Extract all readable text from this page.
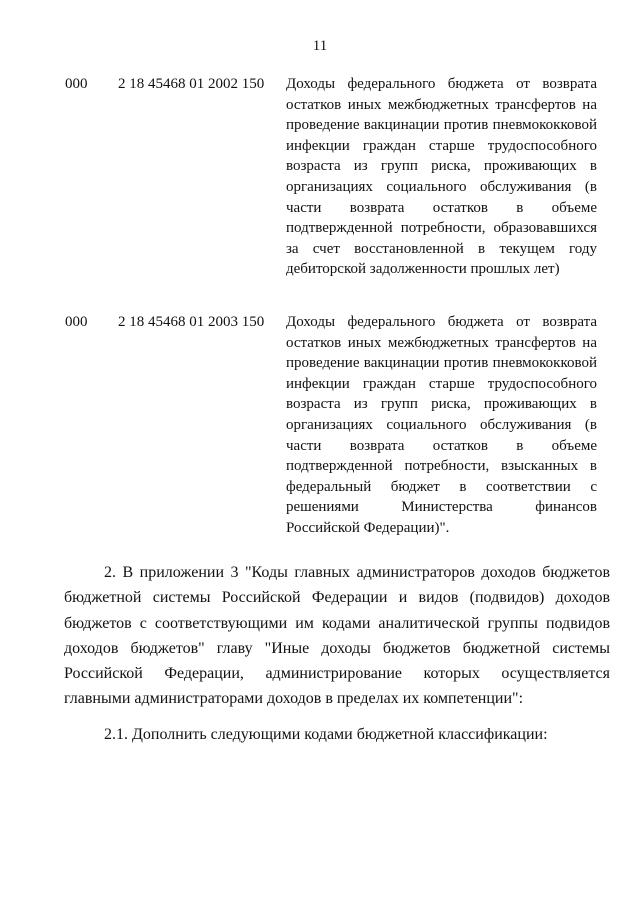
11
000 2 18 45468 01 2002 150 Доходы федерального бюджета от возврата остатков иных межбюджетных трансфертов на проведение вакцинации против пневмококковой инфекции граждан старше трудоспособного возраста из групп риска, проживающих в организациях социального обслуживания (в части возврата остатков в объеме подтвержденной потребности, образовавшихся за счет восстановленной в текущем году дебиторской задолженности прошлых лет)
000 2 18 45468 01 2003 150 Доходы федерального бюджета от возврата остатков иных межбюджетных трансфертов на проведение вакцинации против пневмококковой инфекции граждан старше трудоспособного возраста из групп риска, проживающих в организациях социального обслуживания (в части возврата остатков в объеме подтвержденной потребности, взысканных в федеральный бюджет в соответствии с решениями Министерства финансов Российской Федерации)".
2. В приложении 3 "Коды главных администраторов доходов бюджетов бюджетной системы Российской Федерации и видов (подвидов) доходов бюджетов с соответствующими им кодами аналитической группы подвидов доходов бюджетов" главу "Иные доходы бюджетов бюджетной системы Российской Федерации, администрирование которых осуществляется главными администраторами доходов в пределах их компетенции":
2.1. Дополнить следующими кодами бюджетной классификации:
